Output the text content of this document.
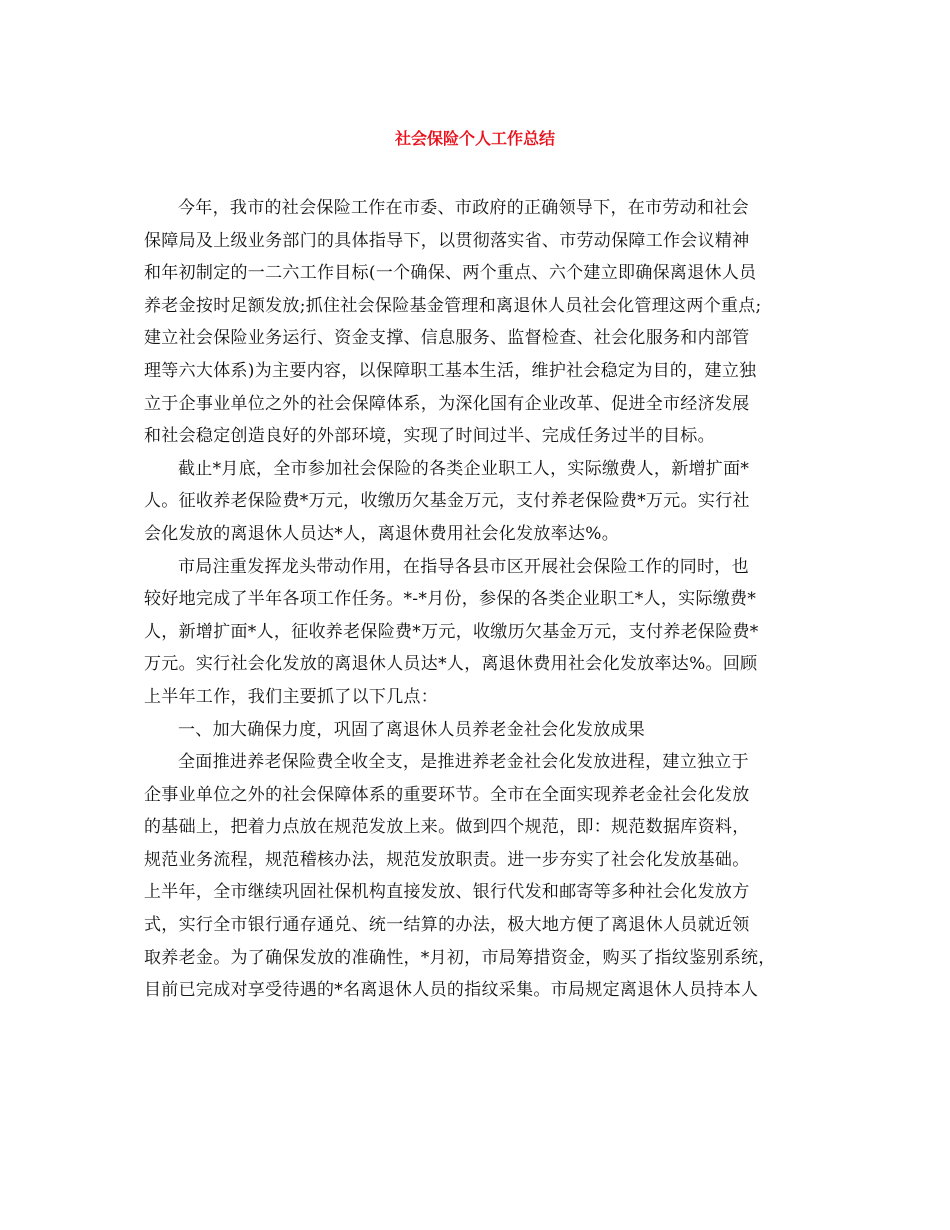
社会保险个人工作总结
今年，我市的社会保险工作在市委、市政府的正确领导下，在市劳动和社会
保障局及上级业务部门的具体指导下，以贯彻落实省、市劳动保障工作会议精神
和年初制定的一二六工作目标(一个确保、两个重点、六个建立即确保离退休人员
养老金按时足额发放;抓住社会保险基金管理和离退休人员社会化管理这两个重点;
建立社会保险业务运行、资金支撑、信息服务、监督检查、社会化服务和内部管
理等六大体系)为主要内容，以保障职工基本生活，维护社会稳定为目的，建立独
立于企事业单位之外的社会保障体系，为深化国有企业改革、促进全市经济发展
和社会稳定创造良好的外部环境，实现了时间过半、完成任务过半的目标。
截止*月底，全市参加社会保险的各类企业职工人，实际缴费人，新增扩面*
人。征收养老保险费*万元，收缴历欠基金万元，支付养老保险费*万元。实行社
会化发放的离退休人员达*人，离退休费用社会化发放率达%。
市局注重发挥龙头带动作用，在指导各县市区开展社会保险工作的同时，也
较好地完成了半年各项工作任务。*-*月份，参保的各类企业职工*人，实际缴费*
人，新增扩面*人，征收养老保险费*万元，收缴历欠基金万元，支付养老保险费*
万元。实行社会化发放的离退休人员达*人，离退休费用社会化发放率达%。回顾
上半年工作，我们主要抓了以下几点：
一、加大确保力度，巩固了离退休人员养老金社会化发放成果
全面推进养老保险费全收全支，是推进养老金社会化发放进程，建立独立于
企事业单位之外的社会保障体系的重要环节。全市在全面实现养老金社会化发放
的基础上，把着力点放在规范发放上来。做到四个规范，即：规范数据库资料，
规范业务流程，规范稽核办法，规范发放职责。进一步夯实了社会化发放基础。
上半年，全市继续巩固社保机构直接发放、银行代发和邮寄等多种社会化发放方
式，实行全市银行通存通兑、统一结算的办法，极大地方便了离退休人员就近领
取养老金。为了确保发放的准确性，*月初，市局筹措资金，购买了指纹鉴别系统，
目前已完成对享受待遇的*名离退休人员的指纹采集。市局规定离退休人员持本人
